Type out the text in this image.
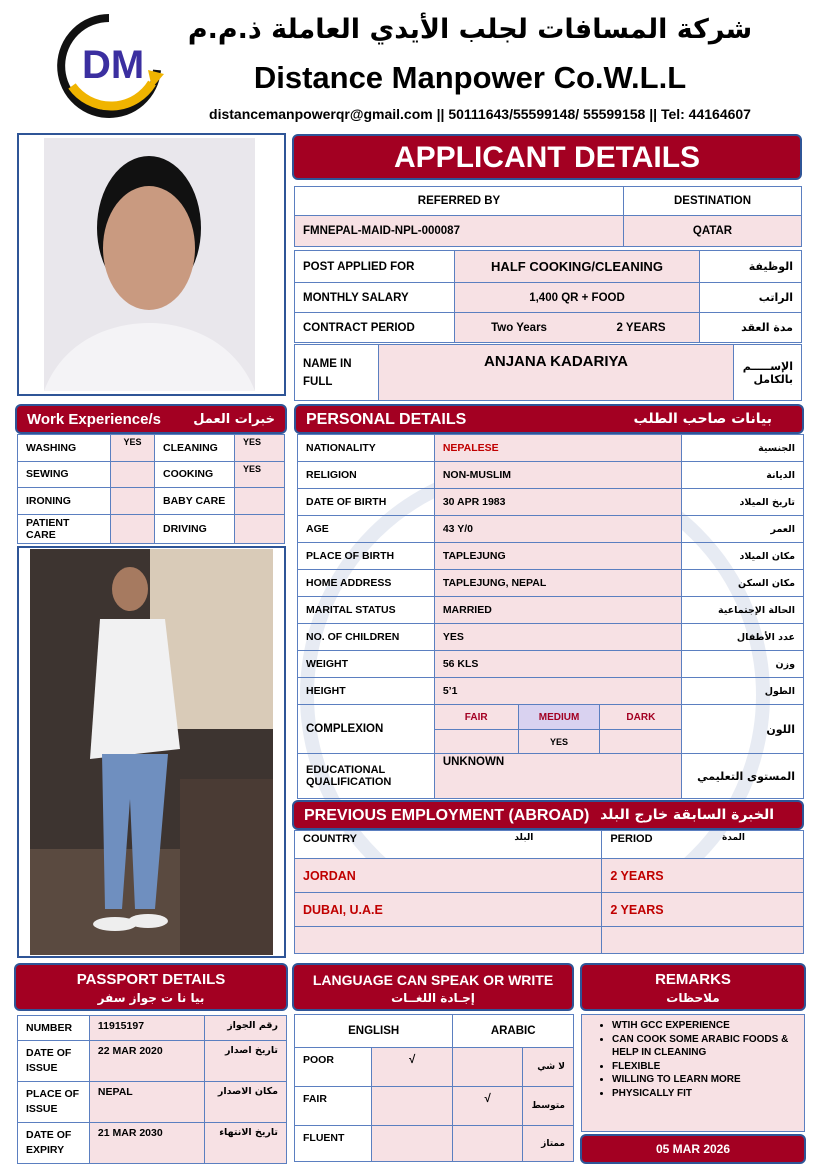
DM
شركة المسافات لجلب الأيدي العاملة ذ.م.م
Distance Manpower Co.W.L.L
distancemanpowerqr@gmail.com || 50111643/55599148/ 55599158 || Tel: 44164607
APPLICANT DETAILS
REFERRED BY	DESTINATION
FMNEPAL-MAID-NPL-000087	QATAR
POST APPLIED FOR	HALF COOKING/CLEANING		الوظيفة
MONTHLY SALARY	1,400 QR + FOOD		الراتب
CONTRACT PERIOD	Two Years	2 YEARS	مدة العقد
NAME IN FULL	ANJANA KADARIYA	الإســـــم بالكامل
Work Experience/s خبرات العمل
WASHING	YES	CLEANING	YES
SEWING		COOKING	YES
IRONING		BABY CARE	
PATIENT CARE		DRIVING	
PERSONAL DETAILS	بيانات صاحب الطلب
NATIONALITY	NEPALESE			الجنسية
RELIGION	NON-MUSLIM			الديانة
DATE OF BIRTH	30 APR 1983			تاريخ الميلاد
AGE	43 Y/0			العمر
PLACE OF BIRTH	TAPLEJUNG			مكان الميلاد
HOME ADDRESS	TAPLEJUNG, NEPAL			مكان السكن
MARITAL STATUS	MARRIED			الحالة الإجتماعية
NO. OF CHILDREN	YES			عدد الأطفال
WEIGHT	56 KLS			وزن
HEIGHT	5’1			الطول
COMPLEXION	FAIR	MEDIUM	DARK	اللون
		YES		
EDUCATIONAL QUALIFICATION	UNKNOWN			المستوى التعليمي
PREVIOUS EMPLOYMENT (ABROAD) الخبرة السابقة خارج البلد
COUNTRY البلد	PERIOD المدة

JORDAN	2 YEARS
DUBAI, U.A.E	2 YEARS

PASSPORT DETAILS
بيا نا ت جواز سفر
NUMBER	11915197	رقم الجواز
DATE OF ISSUE	22 MAR 2020	تاريخ اصدار
PLACE OF ISSUE	NEPAL	مكان الاصدار
DATE OF EXPIRY	21 MAR 2030	تاريخ الانتهاء
LANGUAGE CAN SPEAK OR WRITE
إجـادة اللغــات
ENGLISH		ARABIC	
POOR	√		لا شي
FAIR		√	متوسط
FLUENT			ممتاز
REMARKS
ملاحظات
• WTIH GCC EXPERIENCE
• CAN COOK SOME ARABIC FOODS & HELP IN CLEANING
• FLEXIBLE
• WILLING TO LEARN MORE
• PHYSICALLY FIT
05 MAR 2026
